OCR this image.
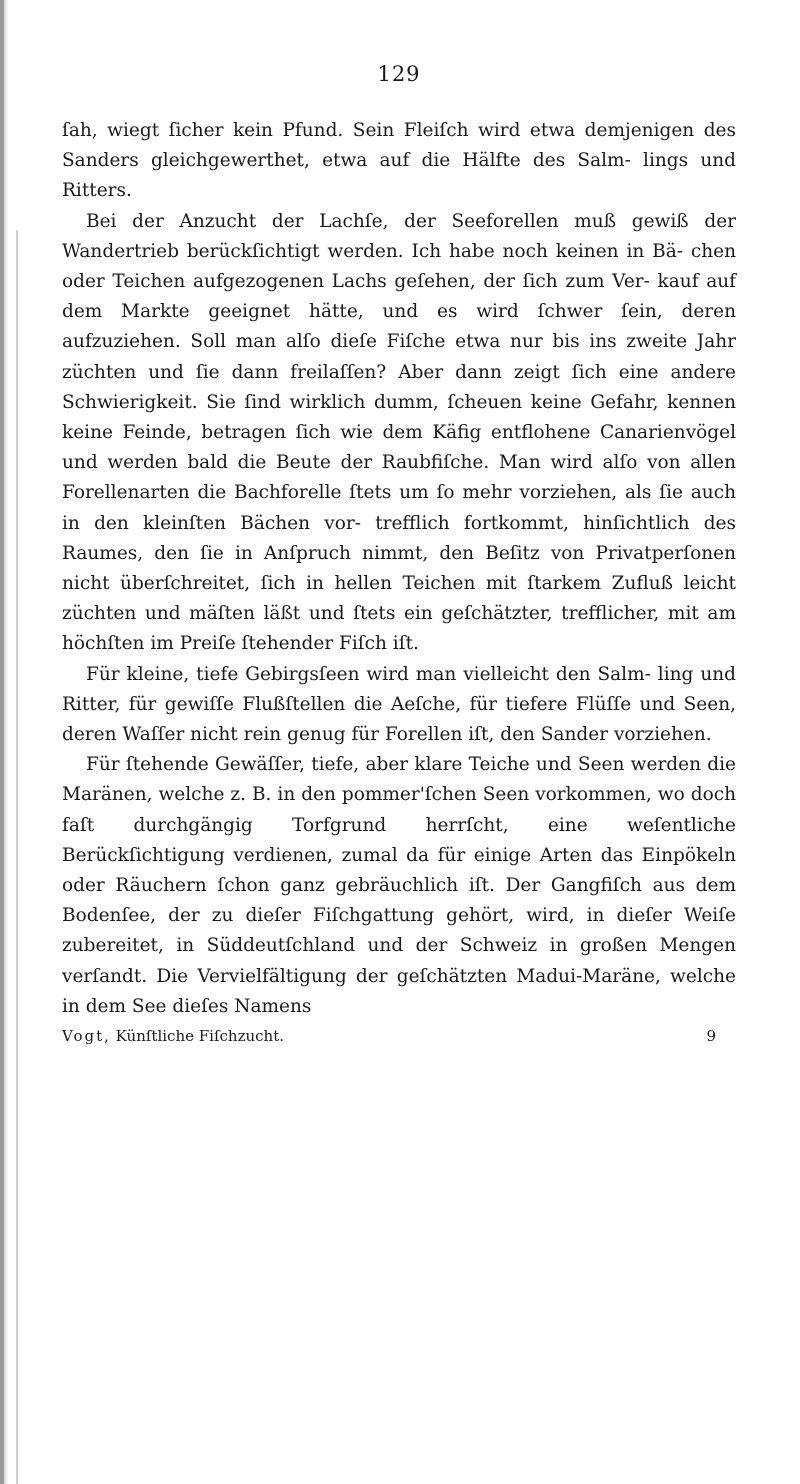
129

ſah, wiegt ſicher kein Pfund. Sein Fleiſch wird etwa demjenigen des Sanders gleichgewerthet, etwa auf die Hälfte des Salm- lings und Ritters.

Bei der Anzucht der Lachſe, der Seeforellen muß gewiß der Wandertrieb berückſichtigt werden. Ich habe noch keinen in Bä- chen oder Teichen aufgezogenen Lachs geſehen, der ſich zum Ver- kauf auf dem Markte geeignet hätte, und es wird ſchwer ſein, deren aufzuziehen. Soll man alſo dieſe Fiſche etwa nur bis ins zweite Jahr züchten und ſie dann freilaſſen? Aber dann zeigt ſich eine andere Schwierigkeit. Sie ſind wirklich dumm, ſcheuen keine Gefahr, kennen keine Feinde, betragen ſich wie dem Käfig entflohene Canarienvögel und werden bald die Beute der Raubfiſche. Man wird alſo von allen Forellenarten die Bachforelle ſtets um ſo mehr vorziehen, als ſie auch in den kleinſten Bächen vor- trefflich fortkommt, hinſichtlich des Raumes, den ſie in Anſpruch nimmt, den Beſitz von Privatperſonen nicht überſchreitet, ſich in hellen Teichen mit ſtarkem Zufluß leicht züchten und mäſten läßt und ſtets ein geſchätzter, trefflicher, mit am höchſten im Preiſe ſtehender Fiſch iſt.

Für kleine, tiefe Gebirgsſeen wird man vielleicht den Salm- ling und Ritter, für gewiſſe Flußſtellen die Aeſche, für tiefere Flüſſe und Seen, deren Waſſer nicht rein genug für Forellen iſt, den Sander vorziehen.

Für ſtehende Gewäſſer, tiefe, aber klare Teiche und Seen werden die Maränen, welche z. B. in den pommer'ſchen Seen vorkommen, wo doch faſt durchgängig Torfgrund herrſcht, eine weſentliche Berückſichtigung verdienen, zumal da für einige Arten das Einpökeln oder Räuchern ſchon ganz gebräuchlich iſt. Der Gangfiſch aus dem Bodenſee, der zu dieſer Fiſchgattung gehört, wird, in dieſer Weiſe zubereitet, in Süddeutſchland und der Schweiz in großen Mengen verſandt. Die Vervielfältigung der geſchätzten Madui-Maräne, welche in dem See dieſes Namens

Vogt, Künſtliche Fiſchzucht.	9
